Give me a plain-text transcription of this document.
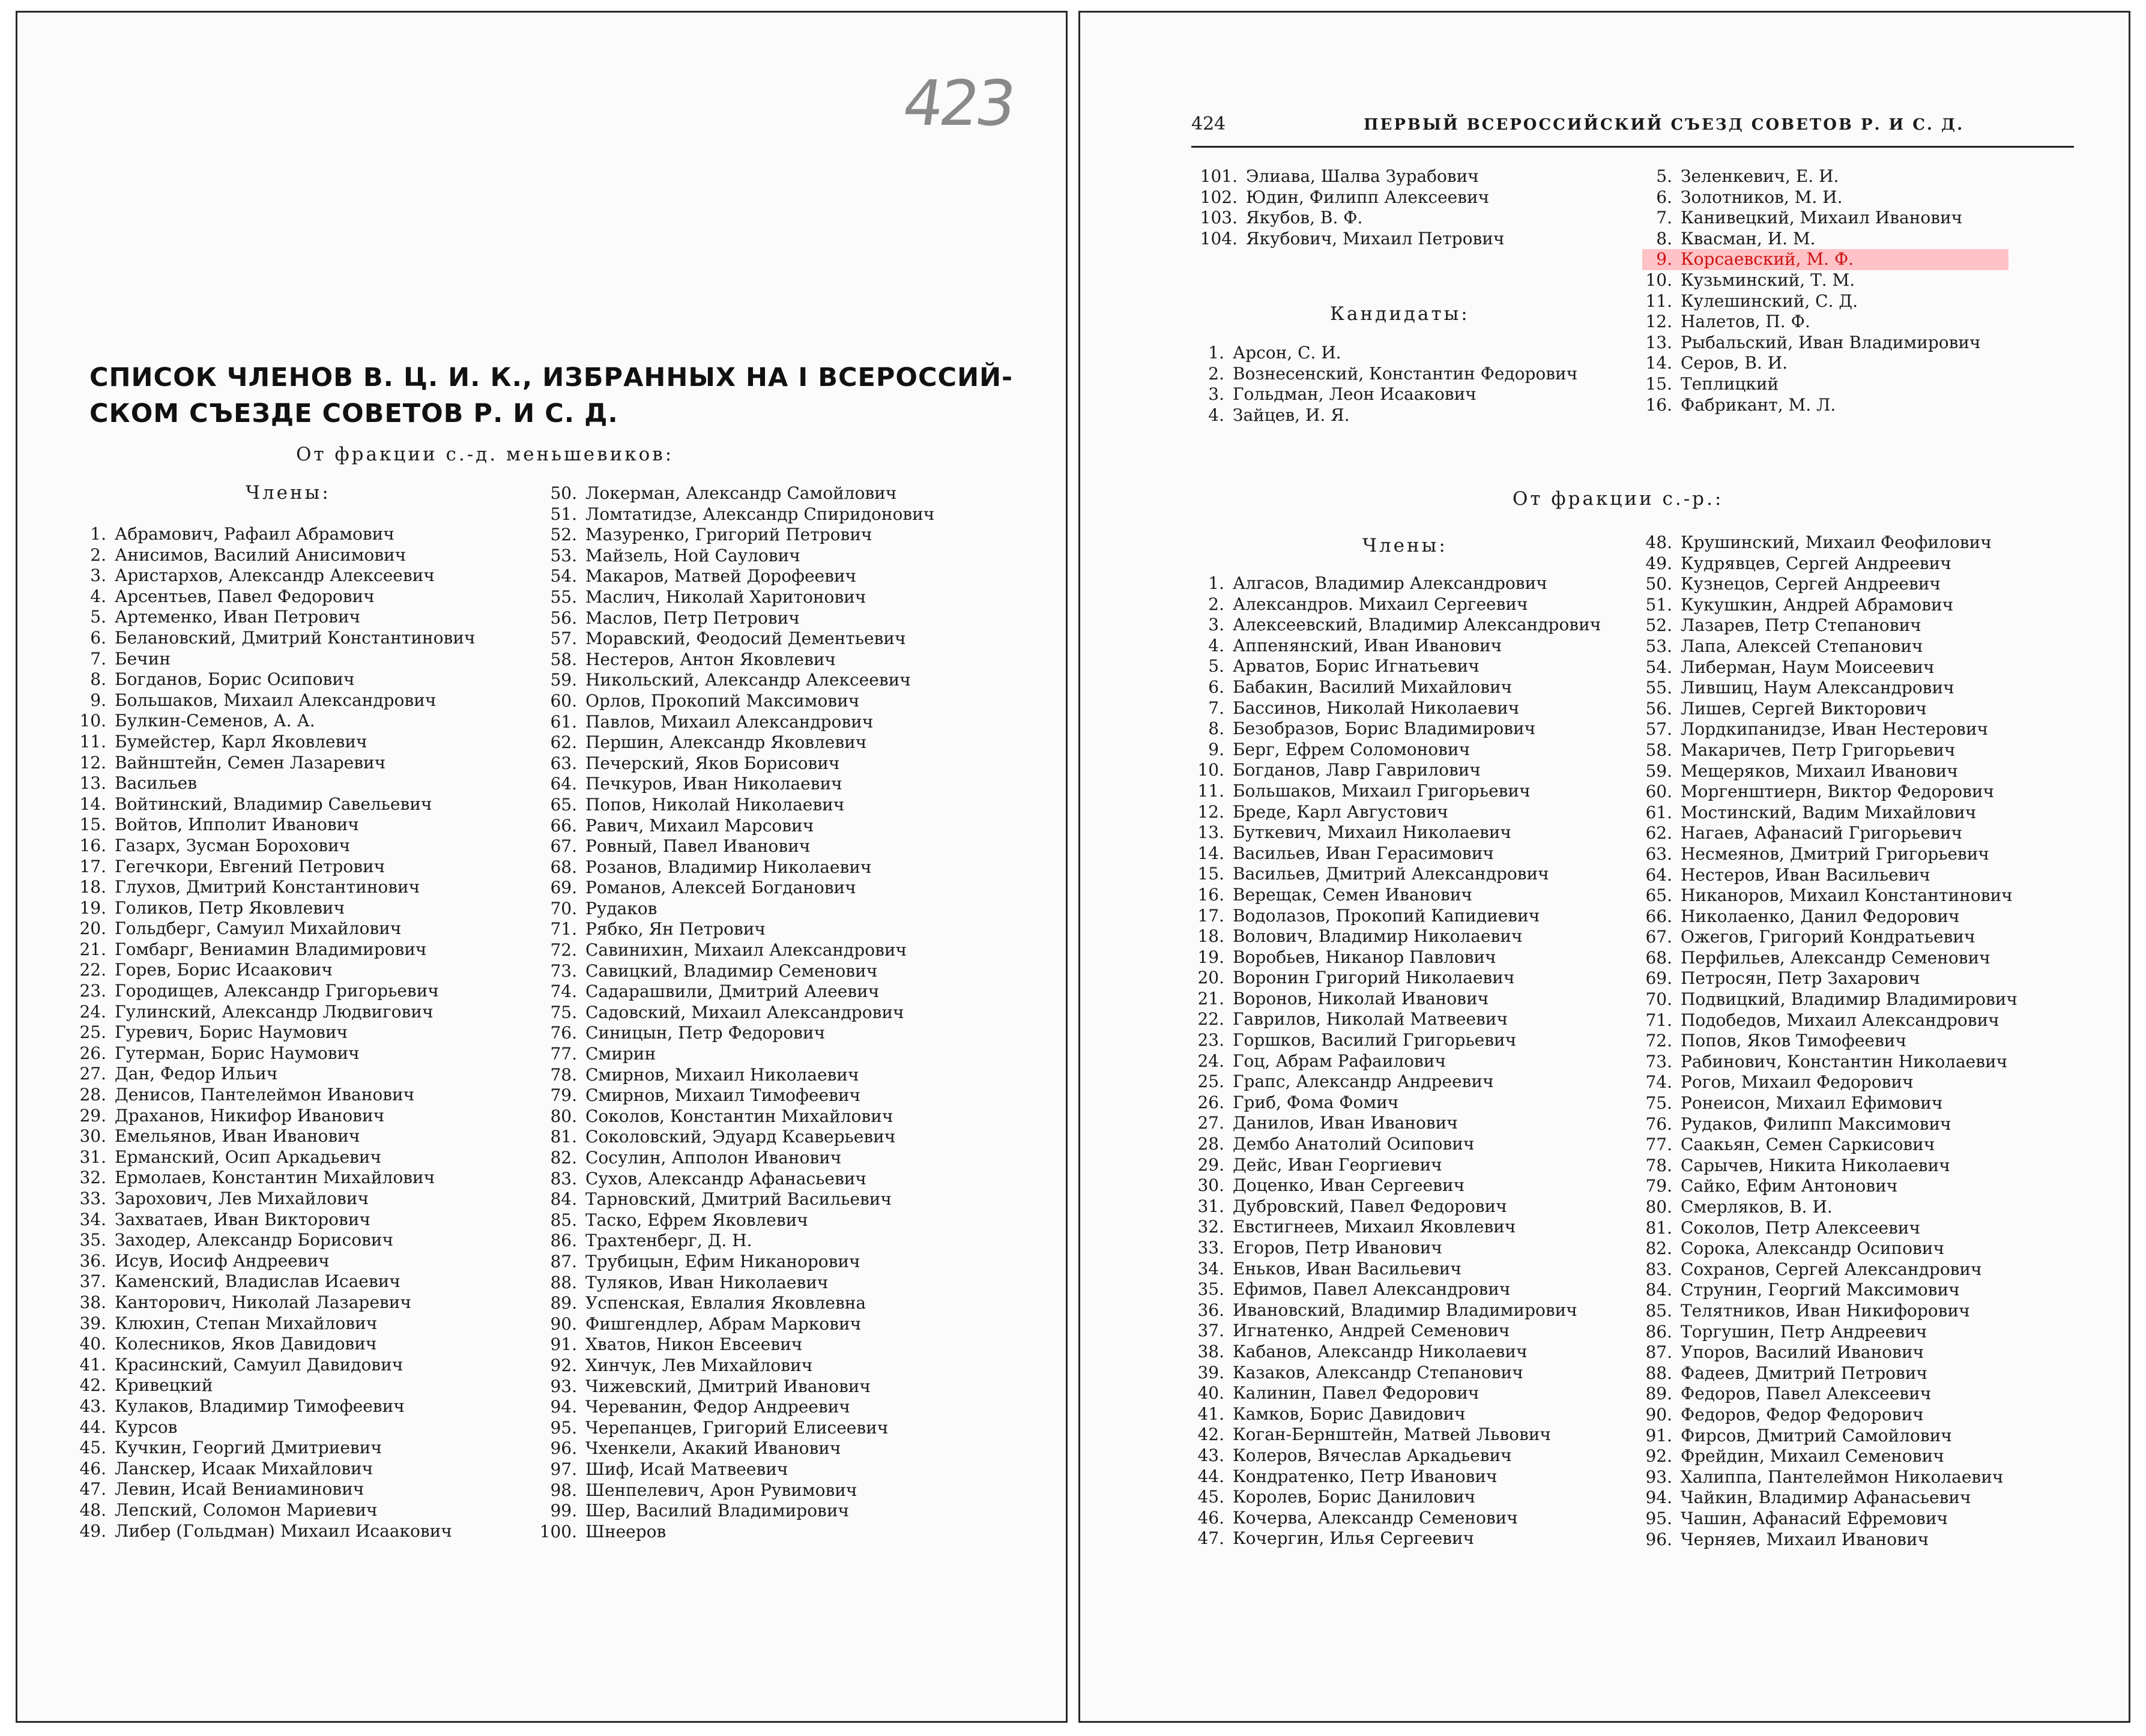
423
СПИСОК ЧЛЕНОВ В. Ц. И. К., ИЗБРАННЫХ НА I ВСЕРОССИЙ-
СКОМ СЪЕЗДЕ СОВЕТОВ Р. И С. Д.
От фракции с.-д. меньшевиков:
Члены:
1. Абрамович, Рафаил Абрамович
2. Анисимов, Василий Анисимович
3. Аристархов, Александр Алексеевич
4. Арсентьев, Павел Федорович
5. Артеменко, Иван Петрович
6. Белановский, Дмитрий Константинович
7. Бечин
8. Богданов, Борис Осипович
9. Большаков, Михаил Александрович
10. Булкин-Семенов, А. А.
11. Бумейстер, Карл Яковлевич
12. Вайнштейн, Семен Лазаревич
13. Васильев
14. Войтинский, Владимир Савельевич
15. Войтов, Ипполит Иванович
16. Газарх, Зусман Борохович
17. Гегечкори, Евгений Петрович
18. Глухов, Дмитрий Константинович
19. Голиков, Петр Яковлевич
20. Гольдберг, Самуил Михайлович
21. Гомбарг, Вениамин Владимирович
22. Горев, Борис Исаакович
23. Городищев, Александр Григорьевич
24. Гулинский, Александр Людвигович
25. Гуревич, Борис Наумович
26. Гутерман, Борис Наумович
27. Дан, Федор Ильич
28. Денисов, Пантелеймон Иванович
29. Драханов, Никифор Иванович
30. Емельянов, Иван Иванович
31. Ерманский, Осип Аркадьевич
32. Ермолаев, Константин Михайлович
33. Зарохович, Лев Михайлович
34. Захватаев, Иван Викторович
35. Заходер, Александр Борисович
36. Исув, Иосиф Андреевич
37. Каменский, Владислав Исаевич
38. Канторович, Николай Лазаревич
39. Клюхин, Степан Михайлович
40. Колесников, Яков Давидович
41. Красинский, Самуил Давидович
42. Кривецкий
43. Кулаков, Владимир Тимофеевич
44. Курсов
45. Кучкин, Георгий Дмитриевич
46. Ланскер, Исаак Михайлович
47. Левин, Исай Вениаминович
48. Лепский, Соломон Мариевич
49. Либер (Гольдман) Михаил Исаакович
50. Локерман, Александр Самойлович
51. Ломтатидзе, Александр Спиридонович
52. Мазуренко, Григорий Петрович
53. Майзель, Ной Саулович
54. Макаров, Матвей Дорофеевич
55. Маслич, Николай Харитонович
56. Маслов, Петр Петрович
57. Моравский, Феодосий Дементьевич
58. Нестеров, Антон Яковлевич
59. Никольский, Александр Алексеевич
60. Орлов, Прокопий Максимович
61. Павлов, Михаил Александрович
62. Першин, Александр Яковлевич
63. Печерский, Яков Борисович
64. Печкуров, Иван Николаевич
65. Попов, Николай Николаевич
66. Равич, Михаил Марсович
67. Ровный, Павел Иванович
68. Розанов, Владимир Николаевич
69. Романов, Алексей Богданович
70. Рудаков
71. Рябко, Ян Петрович
72. Савинихин, Михаил Александрович
73. Савицкий, Владимир Семенович
74. Садарашвили, Дмитрий Алеевич
75. Садовский, Михаил Александрович
76. Синицын, Петр Федорович
77. Смирин
78. Смирнов, Михаил Николаевич
79. Смирнов, Михаил Тимофеевич
80. Соколов, Константин Михайлович
81. Соколовский, Эдуард Ксаверьевич
82. Сосулин, Апполон Иванович
83. Сухов, Александр Афанасьевич
84. Тарновский, Дмитрий Васильевич
85. Таско, Ефрем Яковлевич
86. Трахтенберг, Д. Н.
87. Трубицын, Ефим Никанорович
88. Туляков, Иван Николаевич
89. Успенская, Евлалия Яковлевна
90. Фишгендлер, Абрам Маркович
91. Хватов, Никон Евсеевич
92. Хинчук, Лев Михайлович
93. Чижевский, Дмитрий Иванович
94. Череванин, Федор Андреевич
95. Черепанцев, Григорий Елисеевич
96. Чхенкели, Акакий Иванович
97. Шиф, Исай Матвеевич
98. Шенпелевич, Арон Рувимович
99. Шер, Василий Владимирович
100. Шнееров
424	ПЕРВЫЙ ВСЕРОССИЙСКИЙ СЪЕЗД СОВЕТОВ Р. И С. Д.
101. Элиава, Шалва Зурабович
102. Юдин, Филипп Алексеевич
103. Якубов, В. Ф.
104. Якубович, Михаил Петрович
Кандидаты:
1. Арсон, С. И.
2. Вознесенский, Константин Федорович
3. Гольдман, Леон Исаакович
4. Зайцев, И. Я.
5. Зеленкевич, Е. И.
6. Золотников, М. И.
7. Канивецкий, Михаил Иванович
8. Квасман, И. М.
9. Корсаевский, М. Ф.
10. Кузьминский, Т. М.
11. Кулешинский, С. Д.
12. Налетов, П. Ф.
13. Рыбальский, Иван Владимирович
14. Серов, В. И.
15. Теплицкий
16. Фабрикант, М. Л.
От фракции с.-р.:
Члены:
1. Алгасов, Владимир Александрович
2. Александров. Михаил Сергеевич
3. Алексеевский, Владимир Александрович
4. Аппенянский, Иван Иванович
5. Арватов, Борис Игнатьевич
6. Бабакин, Василий Михайлович
7. Бассинов, Николай Николаевич
8. Безобразов, Борис Владимирович
9. Берг, Ефрем Соломонович
10. Богданов, Лавр Гаврилович
11. Большаков, Михаил Григорьевич
12. Бреде, Карл Августович
13. Буткевич, Михаил Николаевич
14. Васильев, Иван Герасимович
15. Васильев, Дмитрий Александрович
16. Верещак, Семен Иванович
17. Водолазов, Прокопий Капидиевич
18. Волович, Владимир Николаевич
19. Воробьев, Никанор Павлович
20. Воронин Григорий Николаевич
21. Воронов, Николай Иванович
22. Гаврилов, Николай Матвеевич
23. Горшков, Василий Григорьевич
24. Гоц, Абрам Рафаилович
25. Грапс, Александр Андреевич
26. Гриб, Фома Фомич
27. Данилов, Иван Иванович
28. Дембо Анатолий Осипович
29. Дейс, Иван Георгиевич
30. Доценко, Иван Сергеевич
31. Дубровский, Павел Федорович
32. Евстигнеев, Михаил Яковлевич
33. Егоров, Петр Иванович
34. Еньков, Иван Васильевич
35. Ефимов, Павел Александрович
36. Ивановский, Владимир Владимирович
37. Игнатенко, Андрей Семенович
38. Кабанов, Александр Николаевич
39. Казаков, Александр Степанович
40. Калинин, Павел Федорович
41. Камков, Борис Давидович
42. Коган-Бернштейн, Матвей Львович
43. Колеров, Вячеслав Аркадьевич
44. Кондратенко, Петр Иванович
45. Королев, Борис Данилович
46. Кочерва, Александр Семенович
47. Кочергин, Илья Сергеевич
48. Крушинский, Михаил Феофилович
49. Кудрявцев, Сергей Андреевич
50. Кузнецов, Сергей Андреевич
51. Кукушкин, Андрей Абрамович
52. Лазарев, Петр Степанович
53. Лапа, Алексей Степанович
54. Либерман, Наум Моисеевич
55. Лившиц, Наум Александрович
56. Лишев, Сергей Викторович
57. Лордкипанидзе, Иван Нестерович
58. Макаричев, Петр Григорьевич
59. Мещеряков, Михаил Иванович
60. Моргенштиерн, Виктор Федорович
61. Мостинский, Вадим Михайлович
62. Нагаев, Афанасий Григорьевич
63. Несмеянов, Дмитрий Григорьевич
64. Нестеров, Иван Васильевич
65. Никаноров, Михаил Константинович
66. Николаенко, Данил Федорович
67. Ожегов, Григорий Кондратьевич
68. Перфильев, Александр Семенович
69. Петросян, Петр Захарович
70. Подвицкий, Владимир Владимирович
71. Подобедов, Михаил Александрович
72. Попов, Яков Тимофеевич
73. Рабинович, Константин Николаевич
74. Рогов, Михаил Федорович
75. Ронеисон, Михаил Ефимович
76. Рудаков, Филипп Максимович
77. Саакьян, Семен Саркисович
78. Сарычев, Никита Николаевич
79. Сайко, Ефим Антонович
80. Смерляков, В. И.
81. Соколов, Петр Алексеевич
82. Сорока, Александр Осипович
83. Сохранов, Сергей Александрович
84. Струнин, Георгий Максимович
85. Телятников, Иван Никифорович
86. Торгушин, Петр Андреевич
87. Упоров, Василий Иванович
88. Фадеев, Дмитрий Петрович
89. Федоров, Павел Алексеевич
90. Федоров, Федор Федорович
91. Фирсов, Дмитрий Самойлович
92. Фрейдин, Михаил Семенович
93. Халиппа, Пантелеймон Николаевич
94. Чайкин, Владимир Афанасьевич
95. Чашин, Афанасий Ефремович
96. Черняев, Михаил Иванович
